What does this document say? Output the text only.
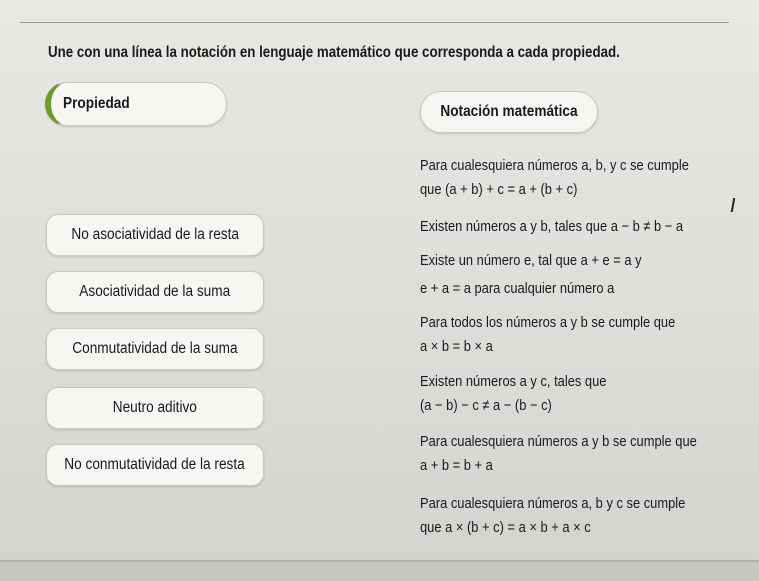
Une con una línea la notación en lenguaje matemático que corresponda a cada propiedad.
Propiedad	Notación matemática
No asociatividad de la resta
Asociatividad de la suma
Conmutatividad de la suma
Neutro aditivo
No conmutatividad de la resta
Para cualesquiera números a, b, y c se cumple
que (a + b) + c = a + (b + c)
Existen números a y b, tales que a − b ≠ b − a
Existe un número e, tal que a + e = a y
e + a = a para cualquier número a
Para todos los números a y b se cumple que
a × b = b × a
Existen números a y c, tales que
(a − b) − c ≠ a − (b − c)
Para cualesquiera números a y b se cumple que
a + b = b + a
Para cualesquiera números a, b y c se cumple
que a × (b + c) = a × b + a × c
